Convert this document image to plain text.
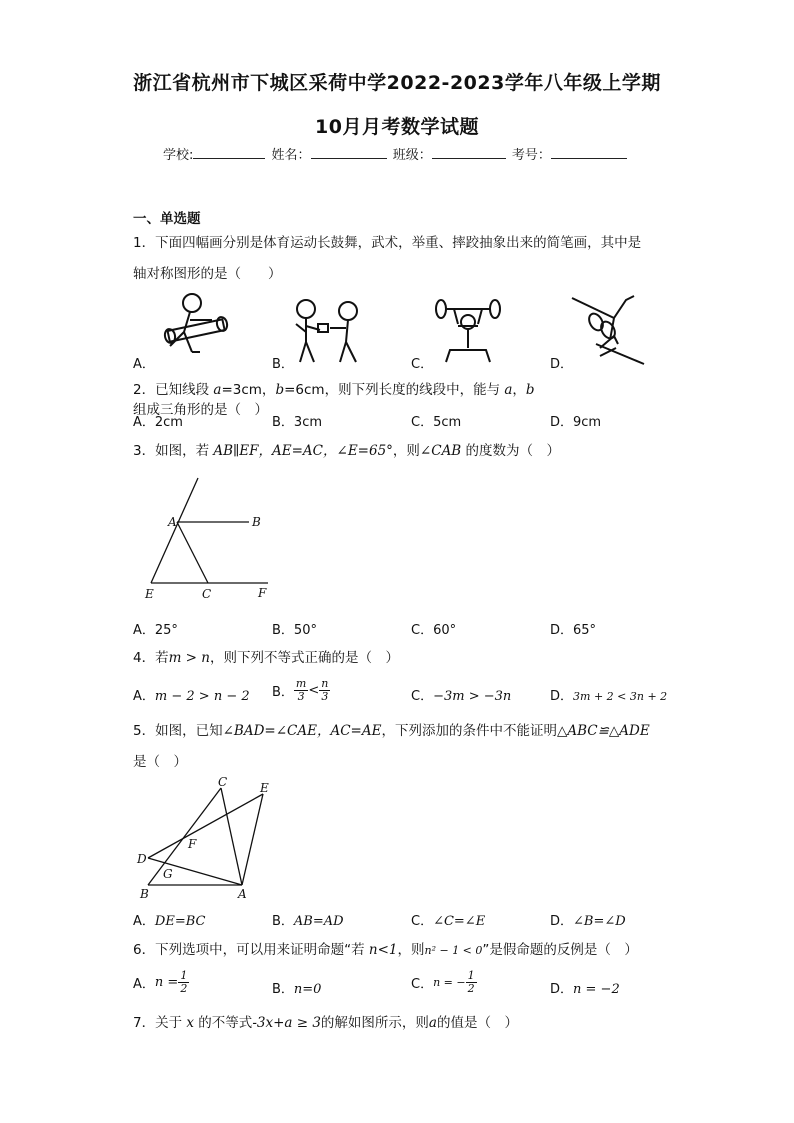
浙江省杭州市下城区采荷中学2022-2023学年八年级上学期
10月月考数学试题
学校:	姓名：	班级：	考号：
一、单选题
1．下面四幅画分别是体育运动长鼓舞，武术，举重、摔跤抽象出来的简笔画，其中是
轴对称图形的是（　　）
A．	B．	C．	D．
2．已知线段 a=3cm，b=6cm，则下列长度的线段中，能与 a，b 组成三角形的是（　）
A．2cm	B．3cm	C．5cm	D．9cm
3．如图，若 AB∥EF，AE=AC，∠E=65°，则∠CAB 的度数为（　）
A	B
E	C	F
A．25°	B．50°	C．60°	D．65°
4．若m > n，则下列不等式正确的是（　）
A．m − 2 > n − 2 B． $\frac{m}{3} < \frac{n}{3}$	C．−3m > −3n	D．3m + 2 < 3n + 2
5．如图，已知∠BAD=∠CAE，AC=AE，下列添加的条件中不能证明△ABC≌△ADE
是（　）
C	E
D
F
G
B	A
A．DE=BC	B．AB=AD	C．∠C=∠E	D．∠B=∠D
6．下列选项中，可以用来证明命题“若 n<1，则n² − 1 < 0”是假命题的反例是（　）
A．$n = \frac{1}{2}$	B．n=0	C．n = − $\frac{1}{2}$	D．n = −2
7．关于 x 的不等式-3x+a ≥ 3的解如图所示，则a的值是（　）
